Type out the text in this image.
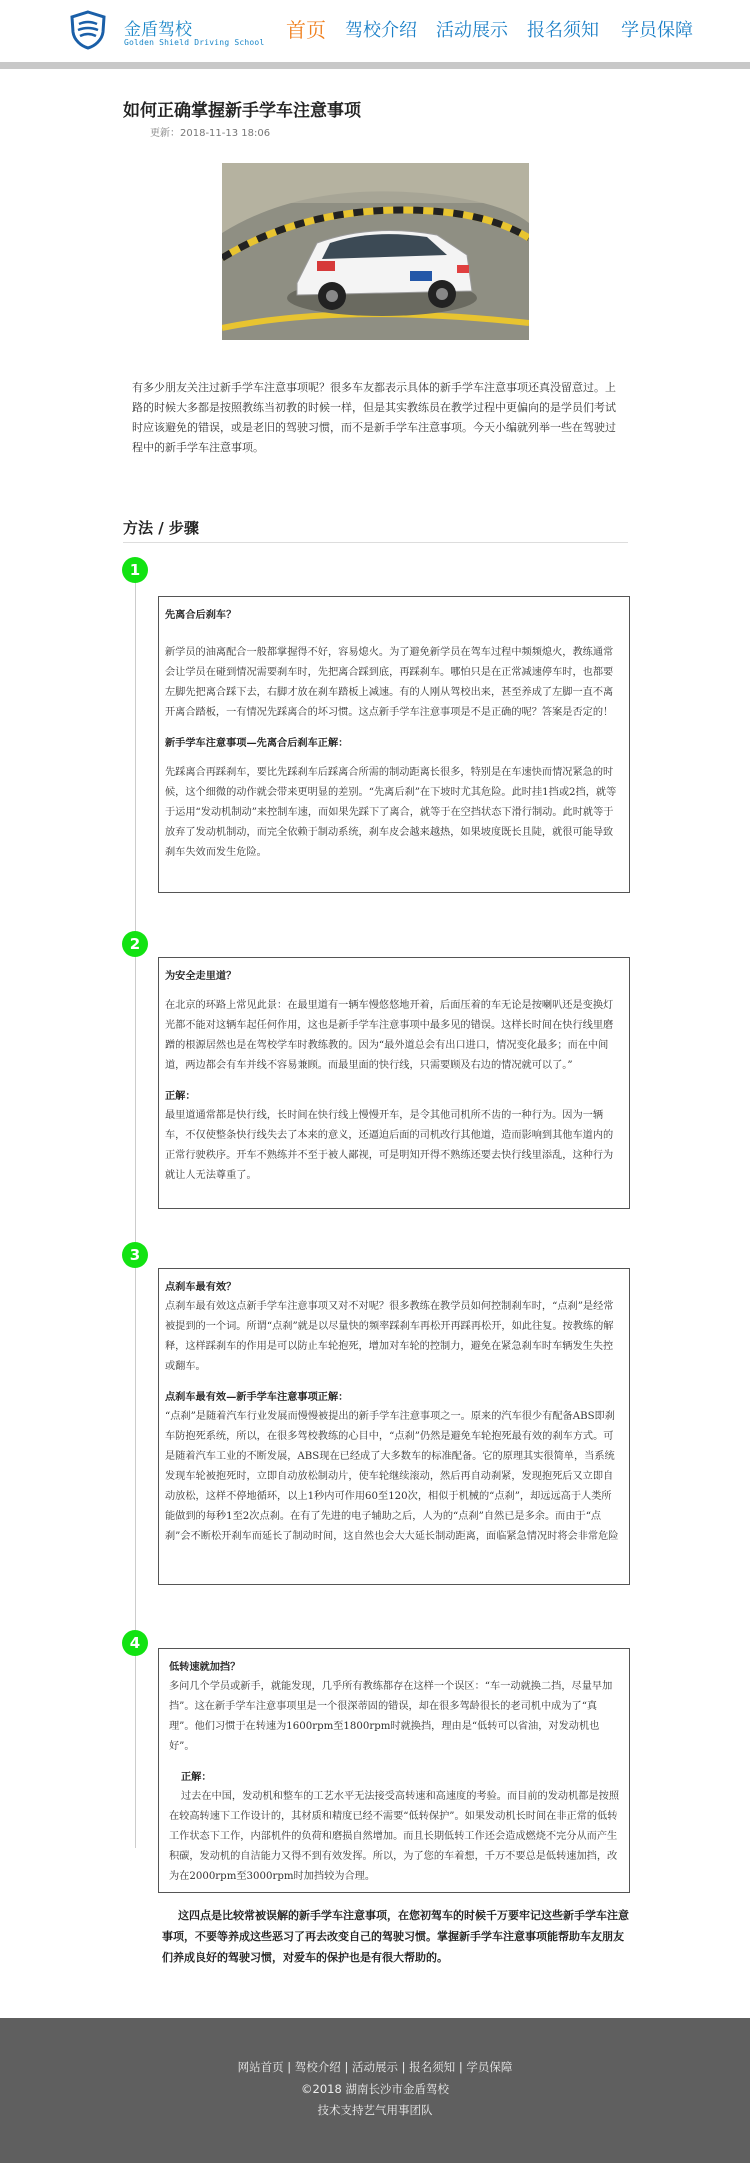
金盾驾校
Golden Shield Driving School
首页 驾校介绍 活动展示 报名须知 学员保障
如何正确掌握新手学车注意事项
更新：2018-11-13 18:06
有多少朋友关注过新手学车注意事项呢？很多车友都表示具体的新手学车注意事项还真没留意过。上路的时候大多都是按照教练当初教的时候一样，但是其实教练员在教学过程中更偏向的是学员们考试时应该避免的错误，或是老旧的驾驶习惯，而不是新手学车注意事项。今天小编就列举一些在驾驶过程中的新手学车注意事项。
方法 / 步骤
1

先离合后刹车？

新学员的油离配合一般都掌握得不好，容易熄火。为了避免新学员在驾车过程中频频熄火，教练通常会让学员在碰到情况需要刹车时，先把离合踩到底，再踩刹车。哪怕只是在正常减速停车时，也都要左脚先把离合踩下去，右脚才放在刹车踏板上减速。有的人刚从驾校出来，甚至养成了左脚一直不离开离合踏板，一有情况先踩离合的坏习惯。这点新手学车注意事项是不是正确的呢？答案是否定的！

新手学车注意事项—先离合后刹车正解：

先踩离合再踩刹车，要比先踩刹车后踩离合所需的制动距离长很多，特别是在车速快而情况紧急的时候，这个细微的动作就会带来更明显的差别。“先离后刹”在下坡时尤其危险。此时挂1挡或2挡，就等于运用“发动机制动”来控制车速，而如果先踩下了离合，就等于在空挡状态下滑行制动。此时就等于放弃了发动机制动，而完全依赖于制动系统，刹车皮会越来越热，如果坡度既长且陡，就很可能导致刹车失效而发生危险。

2

为安全走里道？

在北京的环路上常见此景：在最里道有一辆车慢悠悠地开着，后面压着的车无论是按喇叭还是变换灯光都不能对这辆车起任何作用，这也是新手学车注意事项中最多见的错误。这样长时间在快行线里磨蹭的根源居然也是在驾校学车时教练教的。因为“最外道总会有出口进口，情况变化最多；而在中间道，两边都会有车并线不容易兼顾。而最里面的快行线，只需要顾及右边的情况就可以了。”

正解：

最里道通常都是快行线，长时间在快行线上慢慢开车，是令其他司机所不齿的一种行为。因为一辆车，不仅使整条快行线失去了本来的意义，还逼迫后面的司机改行其他道，造而影响到其他车道内的正常行驶秩序。开车不熟练并不至于被人鄙视，可是明知开得不熟练还要去快行线里添乱，这种行为就让人无法尊重了。

3

点刹车最有效？

点刹车最有效这点新手学车注意事项又对不对呢？很多教练在教学员如何控制刹车时，“点刹”是经常被提到的一个词。所谓“点刹”就是以尽量快的频率踩刹车再松开再踩再松开，如此往复。按教练的解释，这样踩刹车的作用是可以防止车轮抱死，增加对车轮的控制力，避免在紧急刹车时车辆发生失控或翻车。

点刹车最有效—新手学车注意事项正解：

“点刹”是随着汽车行业发展而慢慢被提出的新手学车注意事项之一。原来的汽车很少有配备ABS即刹车防抱死系统，所以，在很多驾校教练的心目中，“点刹”仍然是避免车轮抱死最有效的刹车方式。可是随着汽车工业的不断发展，ABS现在已经成了大多数车的标准配备。它的原理其实很简单，当系统发现车轮被抱死时，立即自动放松制动片，使车轮继续滚动，然后再自动刹紧，发现抱死后又立即自动放松，这样不停地循环，以上1秒内可作用60至120次，相似于机械的“点刹”，却远远高于人类所能做到的每秒1至2次点刹。在有了先进的电子辅助之后，人为的“点刹”自然已是多余。而由于“点刹”会不断松开刹车而延长了制动时间，这自然也会大大延长制动距离，面临紧急情况时将会非常危险

4

低转速就加挡？

多问几个学员或新手，就能发现，几乎所有教练都存在这样一个误区：“车一动就换二挡，尽量早加挡”。这在新手学车注意事项里是一个很深蒂固的错误，却在很多驾龄很长的老司机中成为了“真理”。他们习惯于在转速为1600rpm至1800rpm时就换挡，理由是“低转可以省油，对发动机也好”。

正解：

过去在中国，发动机和整车的工艺水平无法接受高转速和高速度的考验。而目前的发动机都是按照在较高转速下工作设计的，其材质和精度已经不需要“低转保护”。如果发动机长时间在非正常的低转工作状态下工作，内部机件的负荷和磨损自然增加。而且长期低转工作还会造成燃烧不完分从而产生积碳，发动机的自洁能力又得不到有效发挥。所以，为了您的车着想，千万不要总是低转速加挡，改为在2000rpm至3000rpm时加挡较为合理。

这四点是比较常被误解的新手学车注意事项，在您初驾车的时候千万要牢记这些新手学车注意事项，不要等养成这些恶习了再去改变自己的驾驶习惯。掌握新手学车注意事项能帮助车友朋友们养成良好的驾驶习惯，对爱车的保护也是有很大帮助的。
网站首页 | 驾校介绍 | 活动展示 | 报名须知 | 学员保障
©2018 湖南长沙市金盾驾校
技术支持艺气用事团队
